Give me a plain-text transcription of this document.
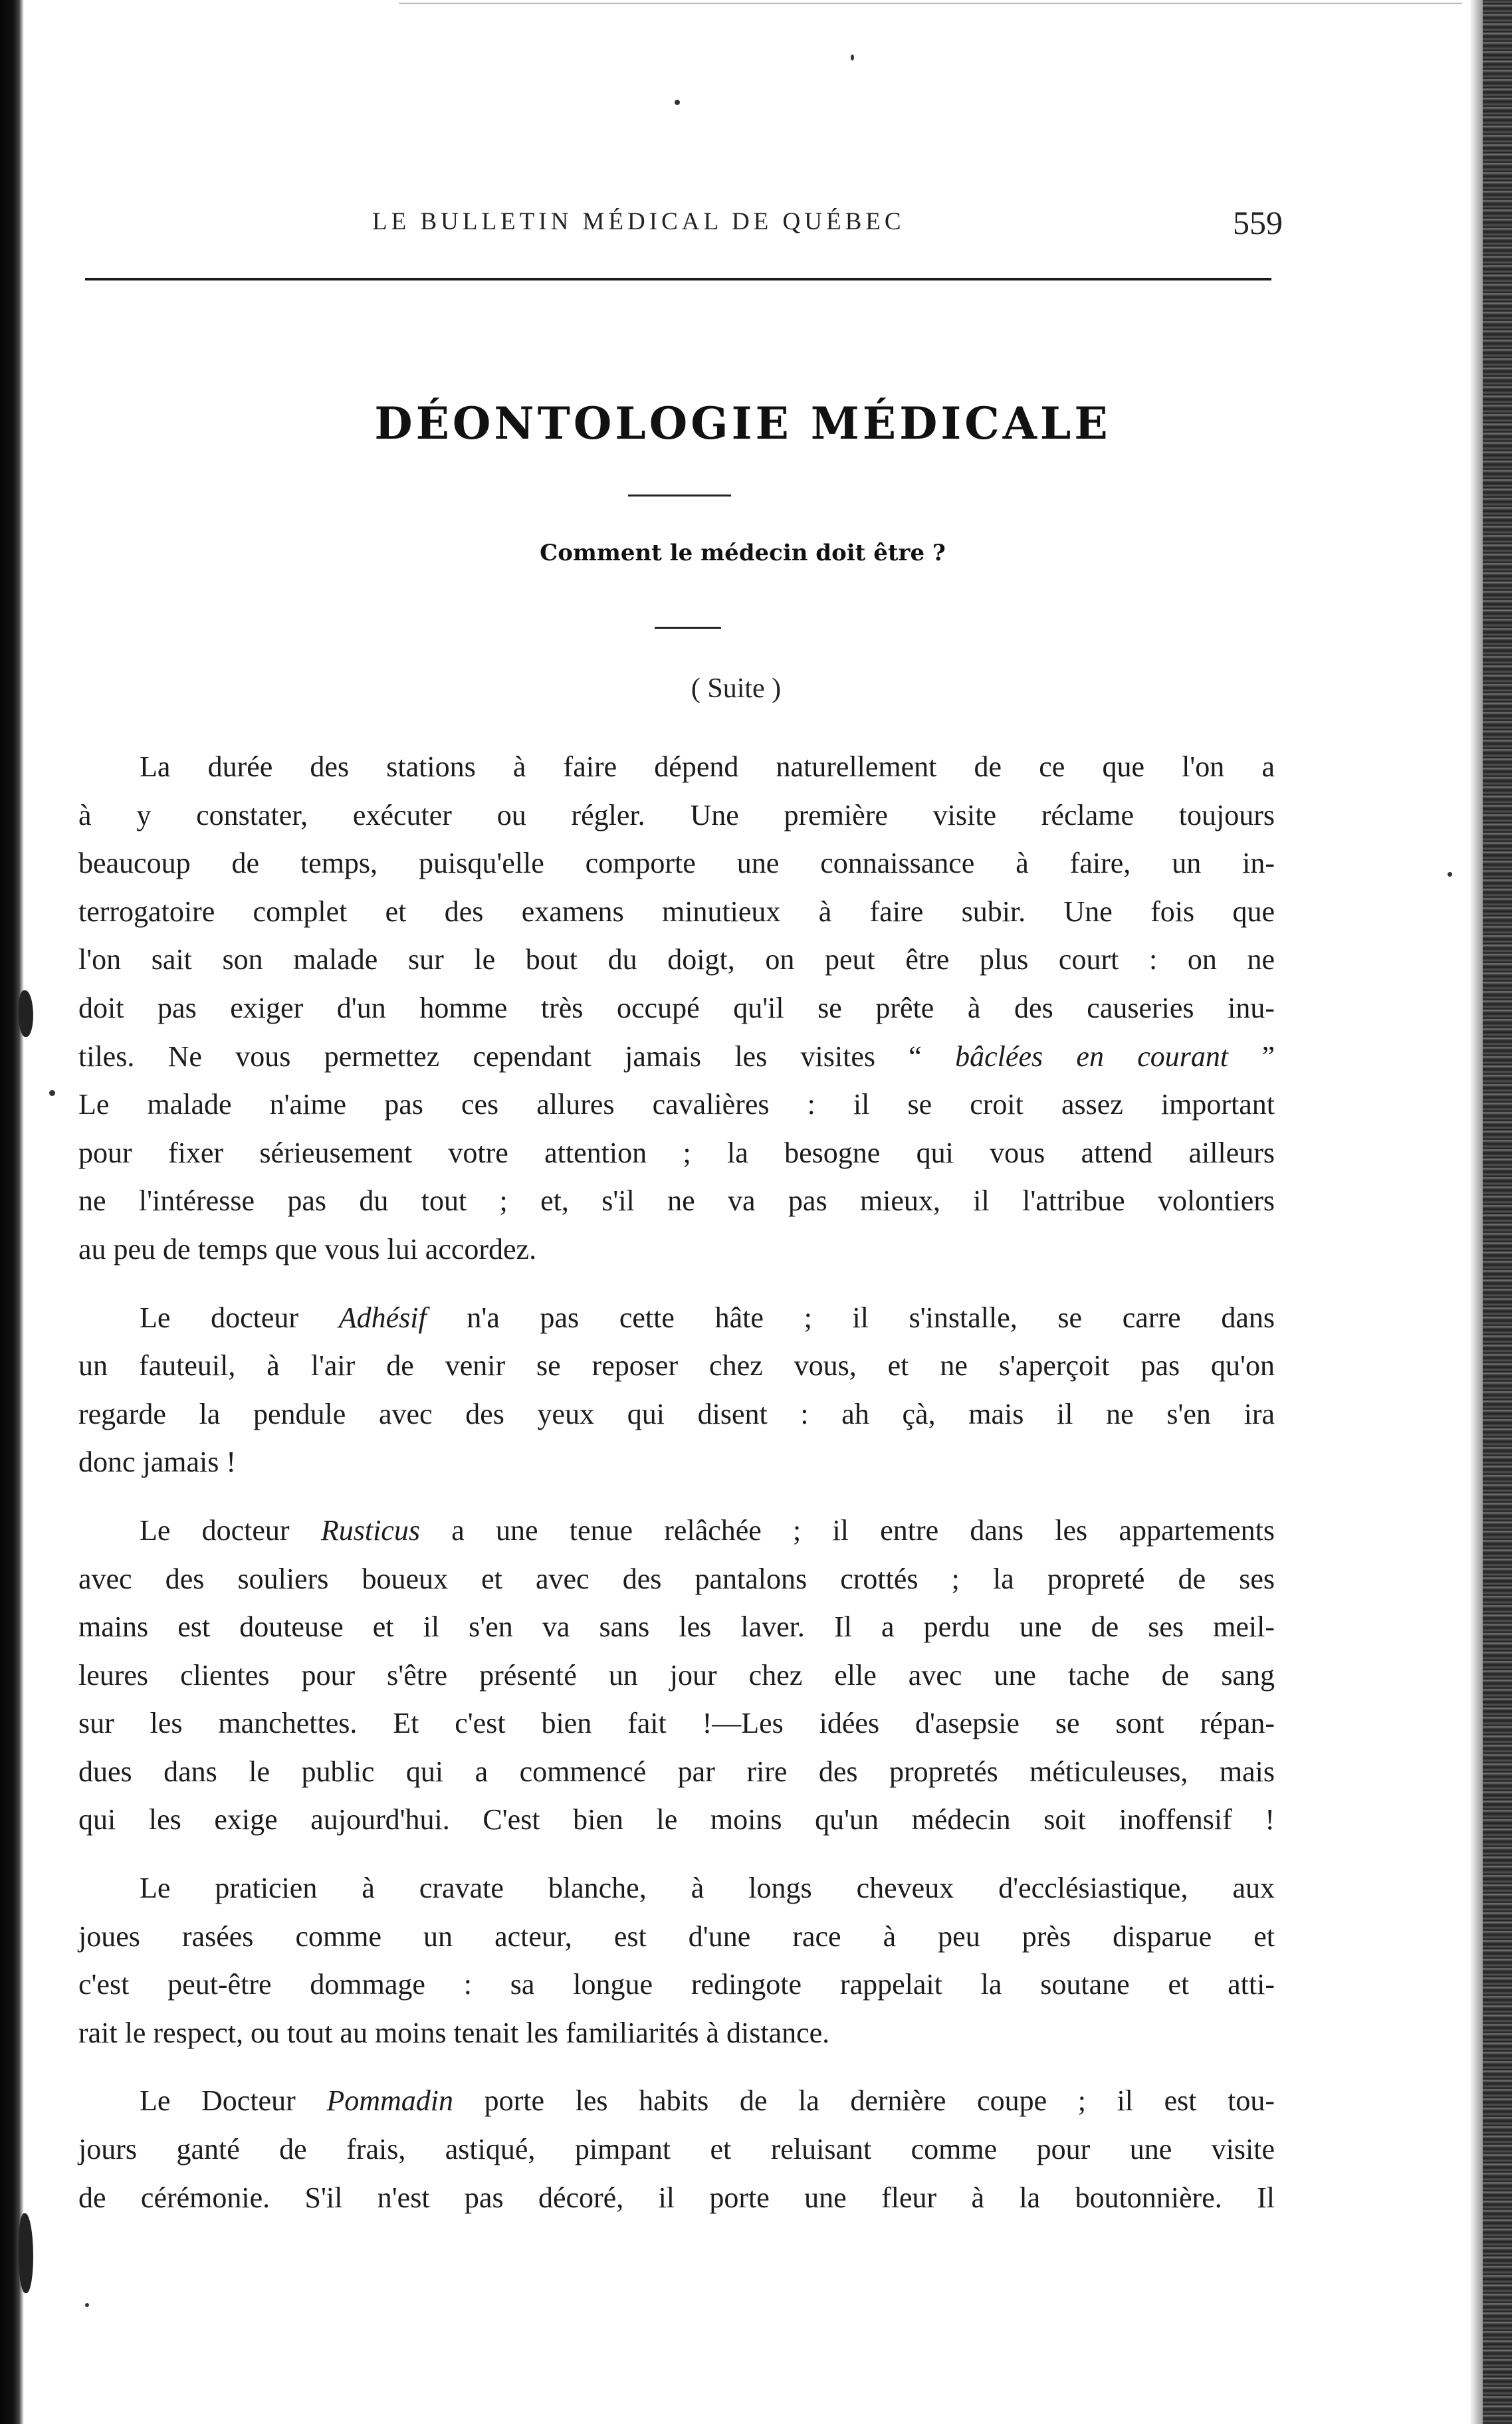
LE BULLETIN MÉDICAL DE QUÉBEC	559
DÉONTOLOGIE MÉDICALE
Comment le médecin doit être ?
( Suite )
La durée des stations à faire dépend naturellement de ce que l'on a
à y constater, exécuter ou régler. Une première visite réclame toujours
beaucoup de temps, puisqu'elle comporte une connaissance à faire, un in-
terrogatoire complet et des examens minutieux à faire subir. Une fois que
l'on sait son malade sur le bout du doigt, on peut être plus court : on ne
doit pas exiger d'un homme très occupé qu'il se prête à des causeries inu-
tiles. Ne vous permettez cependant jamais les visites “ bâclées en courant ”
Le malade n'aime pas ces allures cavalières : il se croit assez important
pour fixer sérieusement votre attention ; la besogne qui vous attend ailleurs
ne l'intéresse pas du tout ; et, s'il ne va pas mieux, il l'attribue volontiers
au peu de temps que vous lui accordez.
Le docteur Adhésif n'a pas cette hâte ; il s'installe, se carre dans
un fauteuil, à l'air de venir se reposer chez vous, et ne s'aperçoit pas qu'on
regarde la pendule avec des yeux qui disent : ah çà, mais il ne s'en ira
donc jamais !
Le docteur Rusticus a une tenue relâchée ; il entre dans les appartements
avec des souliers boueux et avec des pantalons crottés ; la propreté de ses
mains est douteuse et il s'en va sans les laver. Il a perdu une de ses meil-
leures clientes pour s'être présenté un jour chez elle avec une tache de sang
sur les manchettes. Et c'est bien fait !—Les idées d'asepsie se sont répan-
dues dans le public qui a commencé par rire des propretés méticuleuses, mais
qui les exige aujourd'hui. C'est bien le moins qu'un médecin soit inoffensif !
Le praticien à cravate blanche, à longs cheveux d'ecclésiastique, aux
joues rasées comme un acteur, est d'une race à peu près disparue et
c'est peut-être dommage : sa longue redingote rappelait la soutane et atti-
rait le respect, ou tout au moins tenait les familiarités à distance.
Le Docteur Pommadin porte les habits de la dernière coupe ; il est tou-
jours ganté de frais, astiqué, pimpant et reluisant comme pour une visite
de cérémonie. S'il n'est pas décoré, il porte une fleur à la boutonnière. Il
